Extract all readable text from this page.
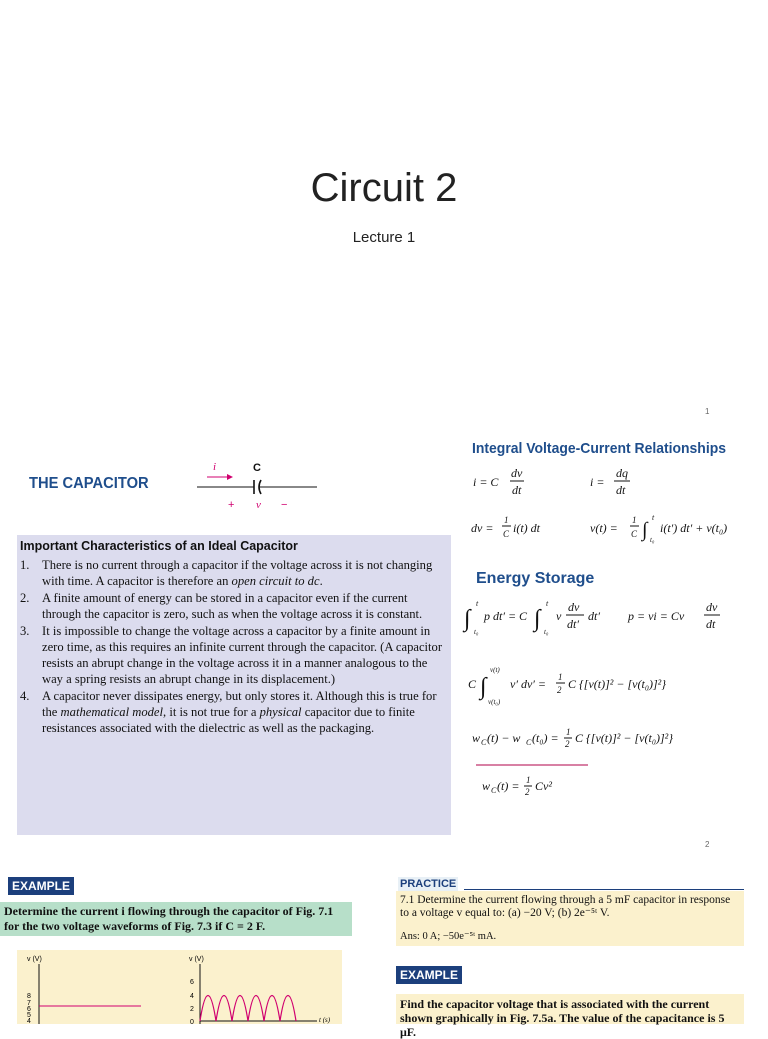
Circuit 2
Lecture 1
1
THE CAPACITOR
i	C
+ v −
Important Characteristics of an Ideal Capacitor
1. There is no current through a capacitor if the voltage across it is not changing with time. A capacitor is therefore an open circuit to dc.
2. A finite amount of energy can be stored in a capacitor even if the current through the capacitor is zero, such as when the voltage across it is constant.
3. It is impossible to change the voltage across a capacitor by a finite amount in zero time, as this requires an infinite current through the capacitor. (A capacitor resists an abrupt change in the voltage across it in a manner analogous to the way a spring resists an abrupt change in its displacement.)
4. A capacitor never dissipates energy, but only stores it. Although this is true for the mathematical model, it is not true for a physical capacitor due to finite resistances associated with the dielectric as well as the packaging.
Integral Voltage-Current Relationships
i = C
dv
dt
i =
dq
dt
dv =
1
C i(t) dt	v(t) =
1
C ∫
t
t₀
i(t′) dt′ + v(t₀)
Energy Storage
∫
t
t₀
p dt′ = C ∫
t
t₀
v
dv
dt′
dt′ p = vi = Cv
dv
dt
C ∫
v(t)
v(t₀)
v′ dv′ = 1
2 C {[v(t)]² − [v(t₀)]²}
w C (t) − w C (t₀) = 1
2 C {[v(t)]² − [v(t₀)]²}
w C (t) = 1
2 Cv²
2
EXAMPLE
Determine the current i flowing through the capacitor of Fig. 7.1 for the two voltage waveforms of Fig. 7.3 if C = 2 F.
v (V)
8
7
6
5
4
v (V)
6
4
2
0	t (s)
PRACTICE
7.1 Determine the current flowing through a 5 mF capacitor in response to a voltage v equal to: (a) −20 V; (b) 2e⁻⁵ᵗ V.
Ans: 0 A; −50e⁻⁵ᵗ mA.
EXAMPLE
Find the capacitor voltage that is associated with the current shown graphically in Fig. 7.5a. The value of the capacitance is 5 μF.
